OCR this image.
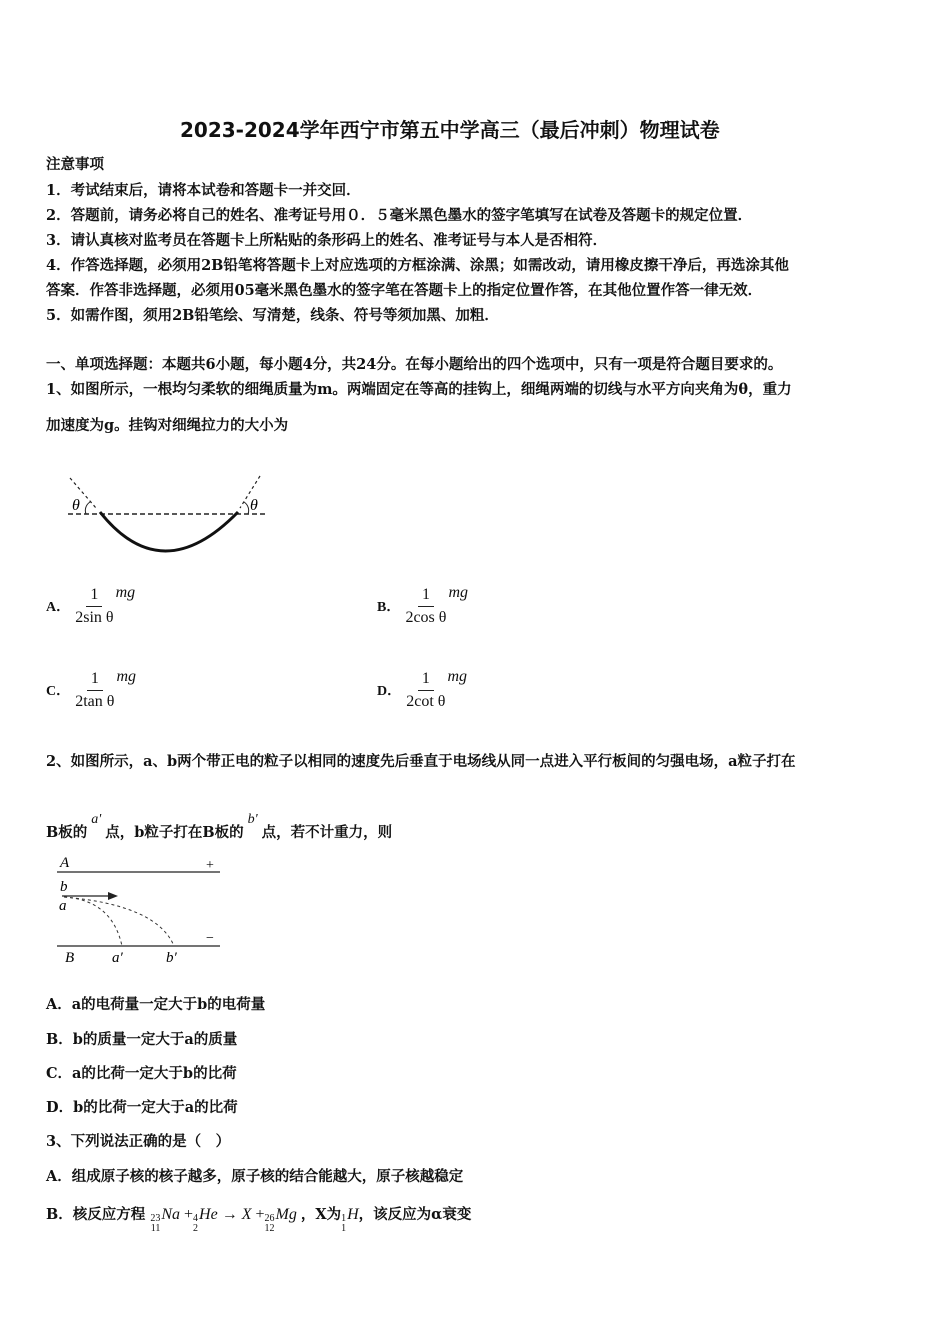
2023-2024学年西宁市第五中学高三（最后冲刺）物理试卷
注意事项
1．考试结束后，请将本试卷和答题卡一并交回．
2．答题前，请务必将自己的姓名、准考证号用０．５毫米黑色墨水的签字笔填写在试卷及答题卡的规定位置．
3．请认真核对监考员在答题卡上所粘贴的条形码上的姓名、准考证号与本人是否相符．
4．作答选择题，必须用2B铅笔将答题卡上对应选项的方框涂满、涂黑；如需改动，请用橡皮擦干净后，再选涂其他
答案．作答非选择题，必须用05毫米黑色墨水的签字笔在答题卡上的指定位置作答，在其他位置作答一律无效．
5．如需作图，须用2B铅笔绘、写清楚，线条、符号等须加黑、加粗．
一、单项选择题：本题共6小题，每小题4分，共24分。在每小题给出的四个选项中，只有一项是符合题目要求的。
1、如图所示，一根均匀柔软的细绳质量为m。两端固定在等高的挂钩上，细绳两端的切线与水平方向夹角为θ，重力
加速度为g。挂钩对细绳拉力的大小为
θ	θ
A． $\frac{1}{\text{2sin θ}}$ mg
B． $\frac{1}{\text{2cos θ}}$ mg
C． $\frac{1}{\text{2tan θ}}$ mg
D． $\frac{1}{\text{2cot θ}}$ mg
2、如图所示，a、b两个带正电的粒子以相同的速度先后垂直于电场线从同一点进入平行板间的匀强电场，a粒子打在
B板的a'点，b粒子打在B板的b'点，若不计重力，则
A	+
b
a
B	a′	b′
−
A．a的电荷量一定大于b的电荷量
B．b的质量一定大于a的质量
C．a的比荷一定大于b的比荷
D．b的比荷一定大于a的比荷
3、下列说法正确的是（　）
A．组成原子核的核子越多，原子核的结合能越大，原子核越稳定
B．核反应方程 23
11
Na + 4
2
He → X + 26
12
Mg ，X为 1
1
H，该反应为α衰变
